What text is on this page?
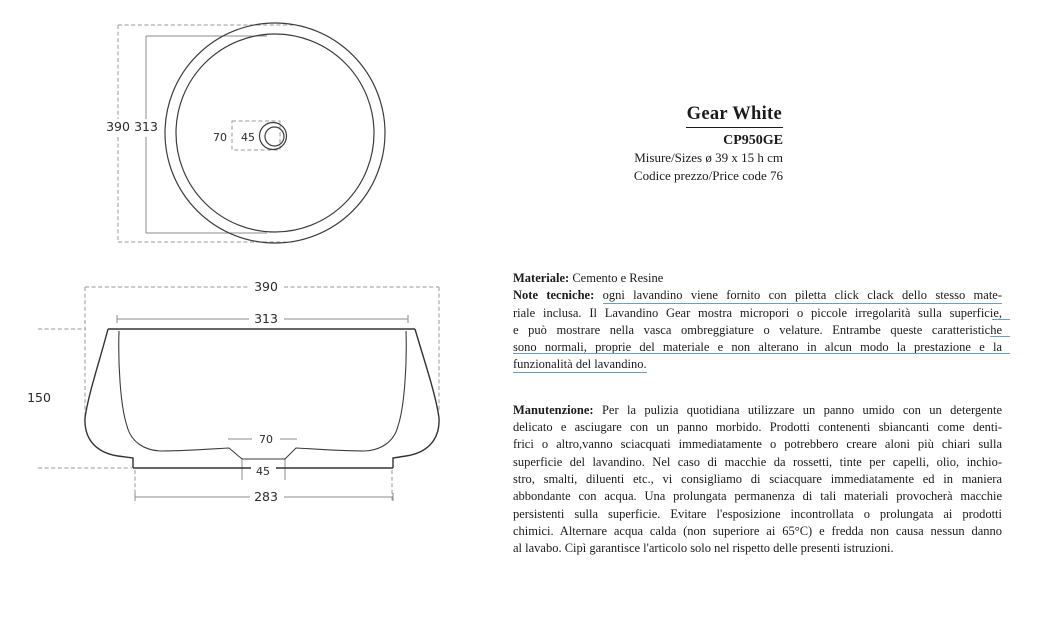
390 313
70 45
390
313
150
283
70
45
Gear White
CP950GE
Misure/Sizes ø 39 x 15 h cm
Codice prezzo/Price code 76
Materiale: Cemento e Resine
Note tecniche: ogni lavandino viene fornito con piletta click clack dello stesso mate-
riale inclusa. Il Lavandino Gear mostra micropori o piccole irregolarità sulla superficie,
e può mostrare nella vasca ombreggiature o velature. Entrambe queste caratteristiche
sono normali, proprie del materiale e non alterano in alcun modo la prestazione e la
funzionalità del lavandino.
Manutenzione: Per la pulizia quotidiana utilizzare un panno umido con un detergente
delicato e asciugare con un panno morbido. Prodotti contenenti sbiancanti come denti-
frici o altro,vanno sciacquati immediatamente o potrebbero creare aloni più chiari sulla
superficie del lavandino. Nel caso di macchie da rossetti, tinte per capelli, olio, inchio-
stro, smalti, diluenti etc., vi consigliamo di sciacquare immediatamente ed in maniera
abbondante con acqua. Una prolungata permanenza di tali materiali provocherà macchie
persistenti sulla superficie. Evitare l'esposizione incontrollata o prolungata ai prodotti
chimici. Alternare acqua calda (non superiore ai 65°C) e fredda non causa nessun danno
al lavabo. Cipì garantisce l'articolo solo nel rispetto delle presenti istruzioni.
